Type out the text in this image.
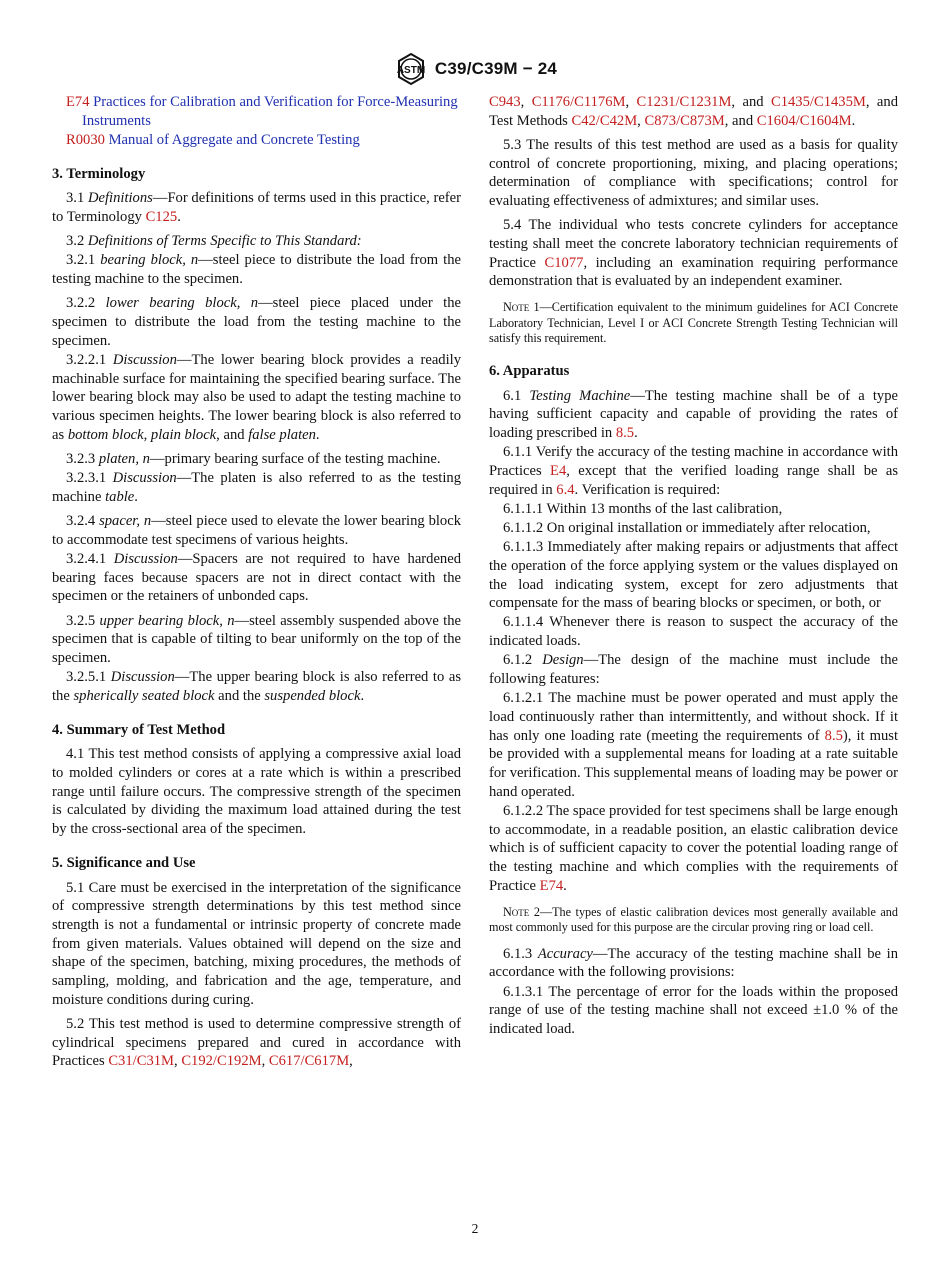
ASTM C39/C39M − 24

E74 Practices for Calibration and Verification for Force-Measuring Instruments

R0030 Manual of Aggregate and Concrete Testing

3. Terminology

3.1 Definitions—For definitions of terms used in this practice, refer to Terminology C125.

3.2 Definitions of Terms Specific to This Standard:

3.2.1 bearing block, n—steel piece to distribute the load from the testing machine to the specimen.

3.2.2 lower bearing block, n—steel piece placed under the specimen to distribute the load from the testing machine to the specimen.

3.2.2.1 Discussion—The lower bearing block provides a readily machinable surface for maintaining the specified bearing surface. The lower bearing block may also be used to adapt the testing machine to various specimen heights. The lower bearing block is also referred to as bottom block, plain block, and false platen.

3.2.3 platen, n—primary bearing surface of the testing machine.

3.2.3.1 Discussion—The platen is also referred to as the testing machine table.

3.2.4 spacer, n—steel piece used to elevate the lower bearing block to accommodate test specimens of various heights.

3.2.4.1 Discussion—Spacers are not required to have hardened bearing faces because spacers are not in direct contact with the specimen or the retainers of unbonded caps.

3.2.5 upper bearing block, n—steel assembly suspended above the specimen that is capable of tilting to bear uniformly on the top of the specimen.

3.2.5.1 Discussion—The upper bearing block is also referred to as the spherically seated block and the suspended block.

4. Summary of Test Method

4.1 This test method consists of applying a compressive axial load to molded cylinders or cores at a rate which is within a prescribed range until failure occurs. The compressive strength of the specimen is calculated by dividing the maximum load attained during the test by the cross-sectional area of the specimen.

5. Significance and Use

5.1 Care must be exercised in the interpretation of the significance of compressive strength determinations by this test method since strength is not a fundamental or intrinsic property of concrete made from given materials. Values obtained will depend on the size and shape of the specimen, batching, mixing procedures, the methods of sampling, molding, and fabrication and the age, temperature, and moisture conditions during curing.

5.2 This test method is used to determine compressive strength of cylindrical specimens prepared and cured in accordance with Practices C31/C31M, C192/C192M, C617/C617M,

C943, C1176/C1176M, C1231/C1231M, and C1435/C1435M, and Test Methods C42/C42M, C873/C873M, and C1604/C1604M.

5.3 The results of this test method are used as a basis for quality control of concrete proportioning, mixing, and placing operations; determination of compliance with specifications; control for evaluating effectiveness of admixtures; and similar uses.

5.4 The individual who tests concrete cylinders for acceptance testing shall meet the concrete laboratory technician requirements of Practice C1077, including an examination requiring performance demonstration that is evaluated by an independent examiner.

Note 1—Certification equivalent to the minimum guidelines for ACI Concrete Laboratory Technician, Level I or ACI Concrete Strength Testing Technician will satisfy this requirement.

6. Apparatus

6.1 Testing Machine—The testing machine shall be of a type having sufficient capacity and capable of providing the rates of loading prescribed in 8.5.

6.1.1 Verify the accuracy of the testing machine in accordance with Practices E4, except that the verified loading range shall be as required in 6.4. Verification is required:

6.1.1.1 Within 13 months of the last calibration,

6.1.1.2 On original installation or immediately after relocation,

6.1.1.3 Immediately after making repairs or adjustments that affect the operation of the force applying system or the values displayed on the load indicating system, except for zero adjustments that compensate for the mass of bearing blocks or specimen, or both, or

6.1.1.4 Whenever there is reason to suspect the accuracy of the indicated loads.

6.1.2 Design—The design of the machine must include the following features:

6.1.2.1 The machine must be power operated and must apply the load continuously rather than intermittently, and without shock. If it has only one loading rate (meeting the requirements of 8.5), it must be provided with a supplemental means for loading at a rate suitable for verification. This supplemental means of loading may be power or hand operated.

6.1.2.2 The space provided for test specimens shall be large enough to accommodate, in a readable position, an elastic calibration device which is of sufficient capacity to cover the potential loading range of the testing machine and which complies with the requirements of Practice E74.

Note 2—The types of elastic calibration devices most generally available and most commonly used for this purpose are the circular proving ring or load cell.

6.1.3 Accuracy—The accuracy of the testing machine shall be in accordance with the following provisions:

6.1.3.1 The percentage of error for the loads within the proposed range of use of the testing machine shall not exceed ±1.0 % of the indicated load.

2
